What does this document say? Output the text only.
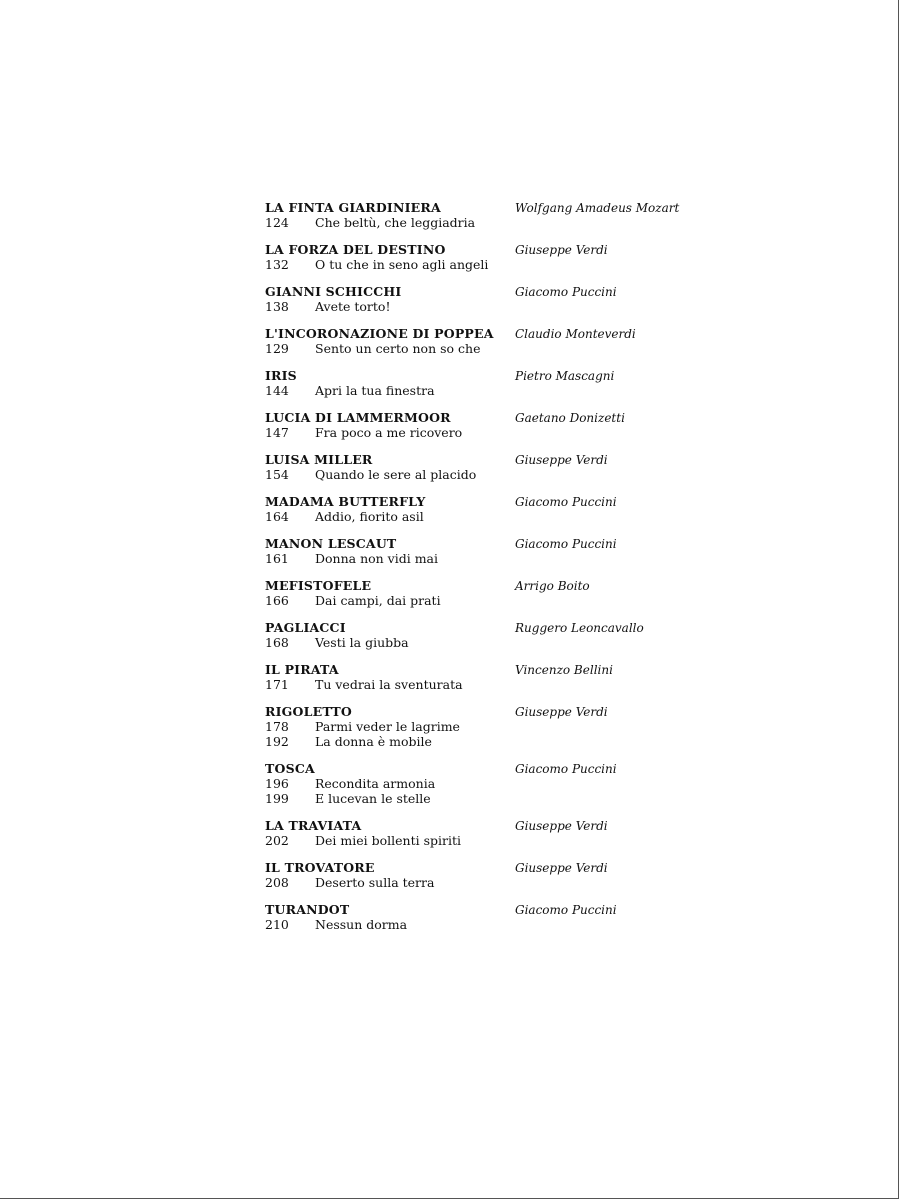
LA FINTA GIARDINIERA	Wolfgang Amadeus Mozart
124	Che beltù, che leggiadria
LA FORZA DEL DESTINO	Giuseppe Verdi
132	O tu che in seno agli angeli
GIANNI SCHICCHI	Giacomo Puccini
138	Avete torto!
L'INCORONAZIONE DI POPPEA	Claudio Monteverdi
129	Sento un certo non so che
IRIS	Pietro Mascagni
144	Apri la tua finestra
LUCIA DI LAMMERMOOR	Gaetano Donizetti
147	Fra poco a me ricovero
LUISA MILLER	Giuseppe Verdi
154	Quando le sere al placido
MADAMA BUTTERFLY	Giacomo Puccini
164	Addio, fiorito asil
MANON LESCAUT	Giacomo Puccini
161	Donna non vidi mai
MEFISTOFELE	Arrigo Boito
166	Dai campi, dai prati
PAGLIACCI	Ruggero Leoncavallo
168	Vesti la giubba
IL PIRATA	Vincenzo Bellini
171	Tu vedrai la sventurata
RIGOLETTO	Giuseppe Verdi
178	Parmi veder le lagrime
192	La donna è mobile
TOSCA	Giacomo Puccini
196	Recondita armonia
199	E lucevan le stelle
LA TRAVIATA	Giuseppe Verdi
202	Dei miei bollenti spiriti
IL TROVATORE	Giuseppe Verdi
208	Deserto sulla terra
TURANDOT	Giacomo Puccini
210	Nessun dorma
